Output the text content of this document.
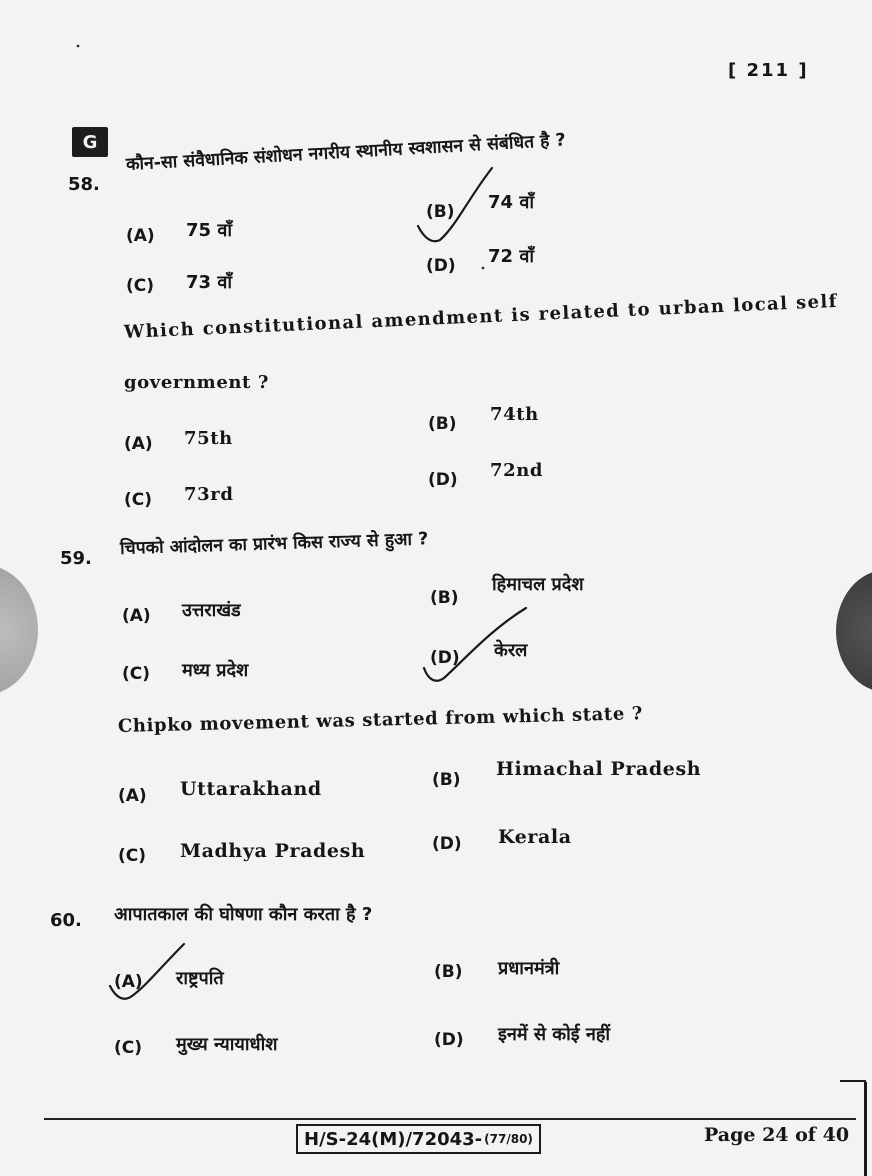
[ 211 ]
G
58.
कौन-सा संवैधानिक संशोधन नगरीय स्थानीय स्वशासन से संबंधित है ?
(A) 75 वाँ
(B) 74 वाँ
(C) 73 वाँ
(D) 72 वाँ
Which constitutional amendment is related to urban local self
government ?
(A) 75th
(B) 74th
(C) 73rd
(D) 72nd
59. चिपको आंदोलन का प्रारंभ किस राज्य से हुआ ?
(A) उत्तराखंड
(B)
हिमाचल प्रदेश
(C) मध्य प्रदेश
(D) केरल
Chipko movement was started from which state ?
(A) Uttarakhand	(B) Himachal Pradesh
(C) Madhya Pradesh	(D) Kerala
60. आपातकाल की घोषणा कौन करता है ?
(A) राष्ट्रपति	(B) प्रधानमंत्री
(C) मुख्य न्यायाधीश	(D) इनमें से कोई नहीं
H/S-24(M)/72043- (77/80)	Page 24 of 40
